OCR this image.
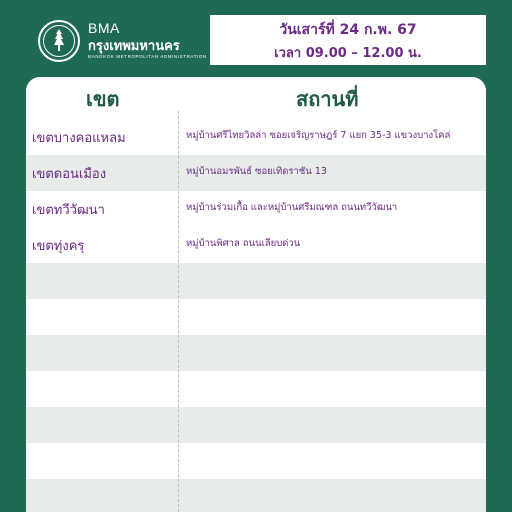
BMA
กรุงเทพมหานคร
BANGKOK METROPOLITAN ADMINISTRATION
วันเสาร์ที่ 24 ก.พ. 67
เวลา 09.00 – 12.00 น.
เขต	สถานที่
เขตบางคอแหลม	หมู่บ้านศรีไทยวิลล่า ซอยเจริญราษฎร์ 7 แยก 35-3 แขวงบางโคล่
เขตดอนเมือง	หมู่บ้านอมรพันธ์ ซอยเทิดราชัน 13
เขตทวีวัฒนา	หมู่บ้านร่วมเกื้อ และหมู่บ้านศรีมณฑล ถนนทวีวัฒนา
เขตทุ่งครุ	หมู่บ้านพิศาล ถนนเลียบด่วน
